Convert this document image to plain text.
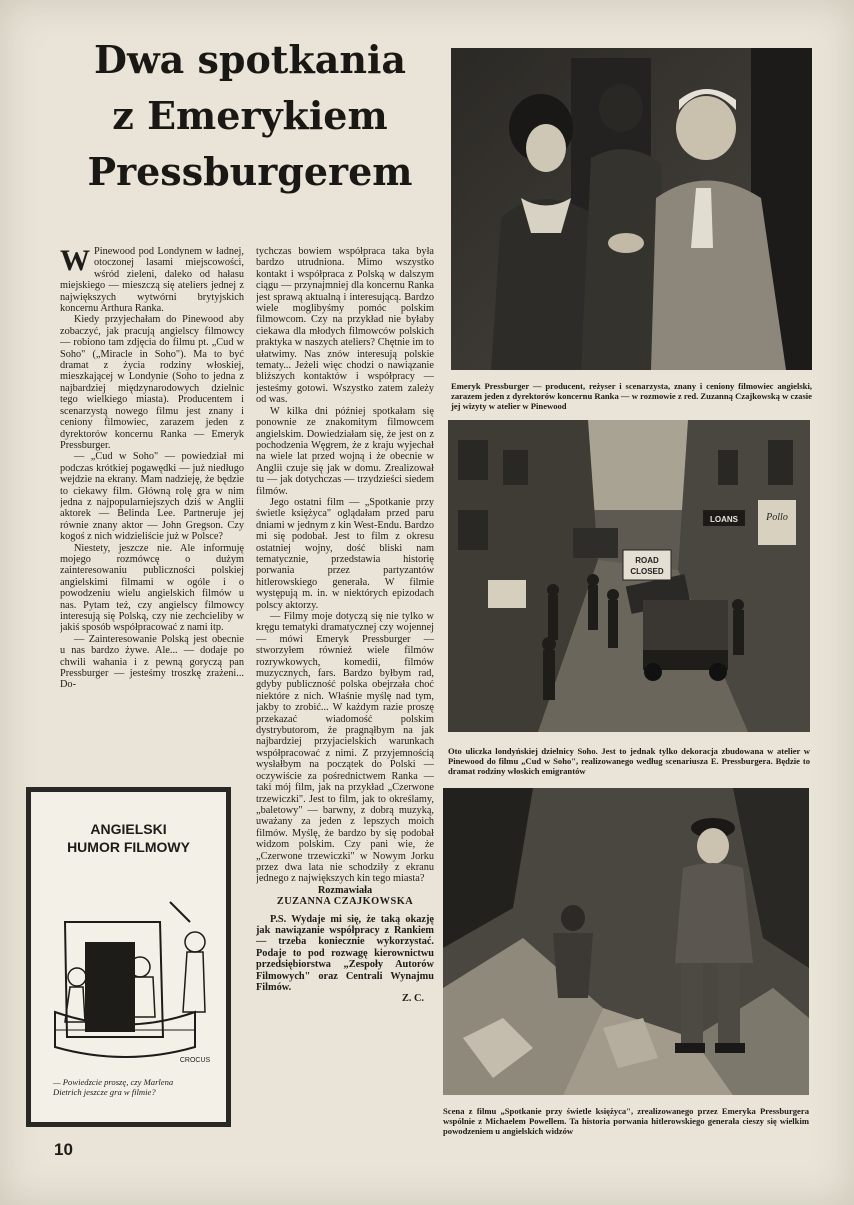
Dwa spotkania
z Emerykiem
Pressburgerem

W Pinewood pod Londynem w ładnej, otoczonej lasami miejscowości, wśród zieleni, daleko od hałasu miejskiego — mieszczą się ateliers jednej z największych wytwórni brytyjskich koncernu Arthura Ranka.

Kiedy przyjechałam do Pinewood aby zobaczyć, jak pracują angielscy filmowcy — robiono tam zdjęcia do filmu pt. „Cud w Soho" („Miracle in Soho"). Ma to być dramat z życia rodziny włoskiej, mieszkającej w Londynie (Soho to jedna z najbardziej międzynarodowych dzielnic tego wielkiego miasta). Producentem i scenarzystą nowego filmu jest znany i ceniony filmowiec, zarazem jeden z dyrektorów koncernu Ranka — Emeryk Pressburger.

— „Cud w Soho" — powiedział mi podczas krótkiej pogawędki — już niedługo wejdzie na ekrany. Mam nadzieję, że będzie to ciekawy film. Główną rolę gra w nim jedna z najpopularniejszych dziś w Anglii aktorek — Belinda Lee. Partneruje jej równie znany aktor — John Gregson. Czy kogoś z nich widzieliście już w Polsce?

Niestety, jeszcze nie. Ale informuję mojego rozmówcę o dużym zainteresowaniu publiczności polskiej angielskimi filmami w ogóle i o powodzeniu wielu angielskich filmów u nas. Pytam też, czy angielscy filmowcy interesują się Polską, czy nie zechcieliby w jakiś sposób współpracować z nami itp.

— Zainteresowanie Polską jest obecnie u nas bardzo żywe. Ale... — dodaje po chwili wahania i z pewną goryczą pan Pressburger — jesteśmy troszkę zrażeni... Do-

tychczas bowiem współpraca taka była bardzo utrudniona. Mimo wszystko kontakt i współpraca z Polską w dalszym ciągu — przynajmniej dla koncernu Ranka jest sprawą aktualną i interesującą. Bardzo wiele moglibyśmy pomóc polskim filmowcom. Czy na przykład nie byłaby ciekawa dla młodych filmowców polskich praktyka w naszych ateliers? Chętnie im to ułatwimy. Nas znów interesują polskie tematy... Jeżeli więc chodzi o nawiązanie bliższych kontaktów i współpracy — jesteśmy gotowi. Wszystko zatem zależy od was.

W kilka dni później spotkałam się ponownie ze znakomitym filmowcem angielskim. Dowiedziałam się, że jest on z pochodzenia Węgrem, że z kraju wyjechał na wiele lat przed wojną i że obecnie w Anglii czuje się jak w domu. Zrealizował tu — jak dotychczas — trzydzieści siedem filmów.

Jego ostatni film — „Spotkanie przy świetle księżyca" oglądałam przed paru dniami w jednym z kin West-Endu. Bardzo mi się podobał. Jest to film z okresu ostatniej wojny, dość bliski nam tematycznie, przedstawia historię porwania przez partyzantów hitlerowskiego generała. W filmie występują m. in. w niektórych epizodach polscy aktorzy.

— Filmy moje dotyczą się nie tylko w kręgu tematyki dramatycznej czy wojennej — mówi Emeryk Pressburger — stworzyłem również wiele filmów rozrywkowych, komedii, filmów muzycznych, fars. Bardzo byłbym rad, gdyby publiczność polska obejrzała choć niektóre z nich. Właśnie myślę nad tym, jakby to zrobić... W każdym razie proszę przekazać wiadomość polskim dystrybutorom, że pragnąłbym na jak najbardziej przyjacielskich warunkach współpracować z nimi. Z przyjemnością wysłałbym na początek do Polski — oczywiście za pośrednictwem Ranka — taki mój film, jak na przykład „Czerwone trzewiczki". Jest to film, jak to określamy, „baletowy" — barwny, z dobrą muzyką, uważany za jeden z lepszych moich filmów. Myślę, że bardzo by się podobał widzom polskim. Czy pani wie, że „Czerwone trzewiczki" w Nowym Jorku przez dwa lata nie schodziły z ekranu jednego z największych kin tego miasta?

Rozmawiała

ZUZANNA CZAJKOWSKA

P.S. Wydaje mi się, że taką okazję jak nawiązanie współpracy z Rankiem — trzeba koniecznie wykorzystać. Podaje to pod rozwagę kierownictwu przedsiębiorstwa „Zespoły Autorów Filmowych" oraz Centrali Wynajmu Filmów.

Z. C.

Emeryk Pressburger — producent, reżyser i scenarzysta, znany i ceniony filmowiec angielski, zarazem jeden z dyrektorów koncernu Ranka — w rozmowie z red. Zuzanną Czajkowską w czasie jej wizyty w atelier w Pinewood

ROAD
CLOSED
LOANS	Pollo

Oto uliczka londyńskiej dzielnicy Soho. Jest to jednak tylko dekoracja zbudowana w atelier w Pinewood do filmu „Cud w Soho", realizowanego według scenariusza E. Pressburgera. Będzie to dramat rodziny włoskich emigrantów

Scena z filmu „Spotkanie przy świetle księżyca", zrealizowanego przez Emeryka Pressburgera wspólnie z Michaelem Powellem. Ta historia porwania hitlerowskiego generała cieszy się wielkim powodzeniem u angielskich widzów

ANGIELSKI
HUMOR FILMOWY

CROCUS

— Powiedzcie proszę, czy Marlena Dietrich jeszcze gra w filmie?

10
